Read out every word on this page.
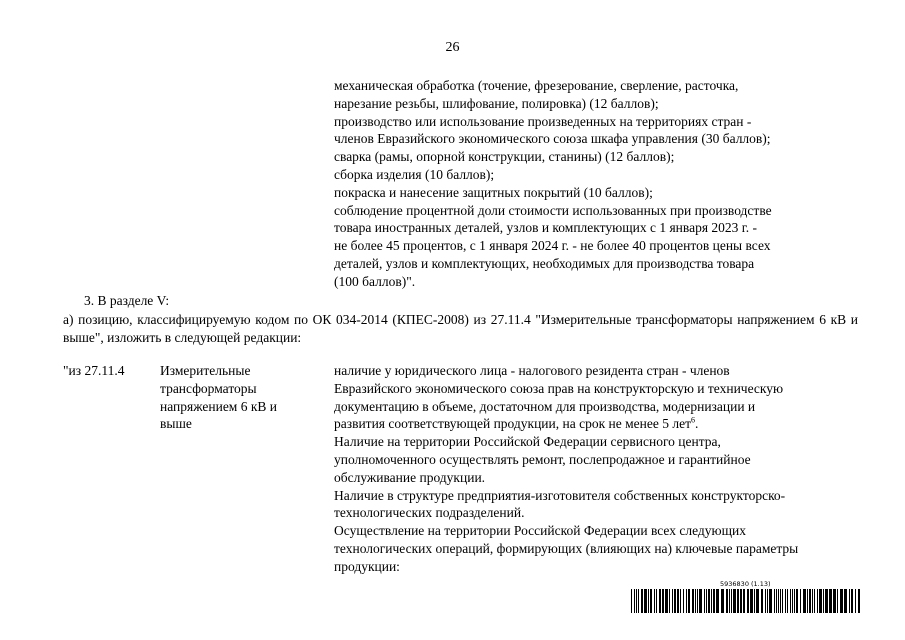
26
механическая обработка (точение, фрезерование, сверление, расточка,
нарезание резьбы, шлифование, полировка) (12 баллов);
производство или использование произведенных на территориях стран -
членов Евразийского экономического союза шкафа управления (30 баллов);
сварка (рамы, опорной конструкции, станины) (12 баллов);
сборка изделия (10 баллов);
покраска и нанесение защитных покрытий (10 баллов);
соблюдение процентной доли стоимости использованных при производстве
товара иностранных деталей, узлов и комплектующих с 1 января 2023 г. -
не более 45 процентов, с 1 января 2024 г. - не более 40 процентов цены всех
деталей, узлов и комплектующих, необходимых для производства товара
(100 баллов)".
3. В разделе V:
а) позицию, классифицируемую кодом по ОК 034-2014 (КПЕС-2008) из 27.11.4 "Измерительные трансформаторы напряжением 6 кВ и выше", изложить в следующей редакции:
"из 27.11.4	Измерительные
трансформаторы
напряжением 6 кВ и
выше
наличие у юридического лица - налогового резидента стран - членов
Евразийского экономического союза прав на конструкторскую и техническую
документацию в объеме, достаточном для производства, модернизации и
развития соответствующей продукции, на срок не менее 5 лет$^6$.
Наличие на территории Российской Федерации сервисного центра,
уполномоченного осуществлять ремонт, послепродажное и гарантийное
обслуживание продукции.
Наличие в структуре предприятия-изготовителя собственных конструкторско-
технологических подразделений.
Осуществление на территории Российской Федерации всех следующих
технологических операций, формирующих (влияющих на) ключевые параметры
продукции:
5936830 (1.13)
